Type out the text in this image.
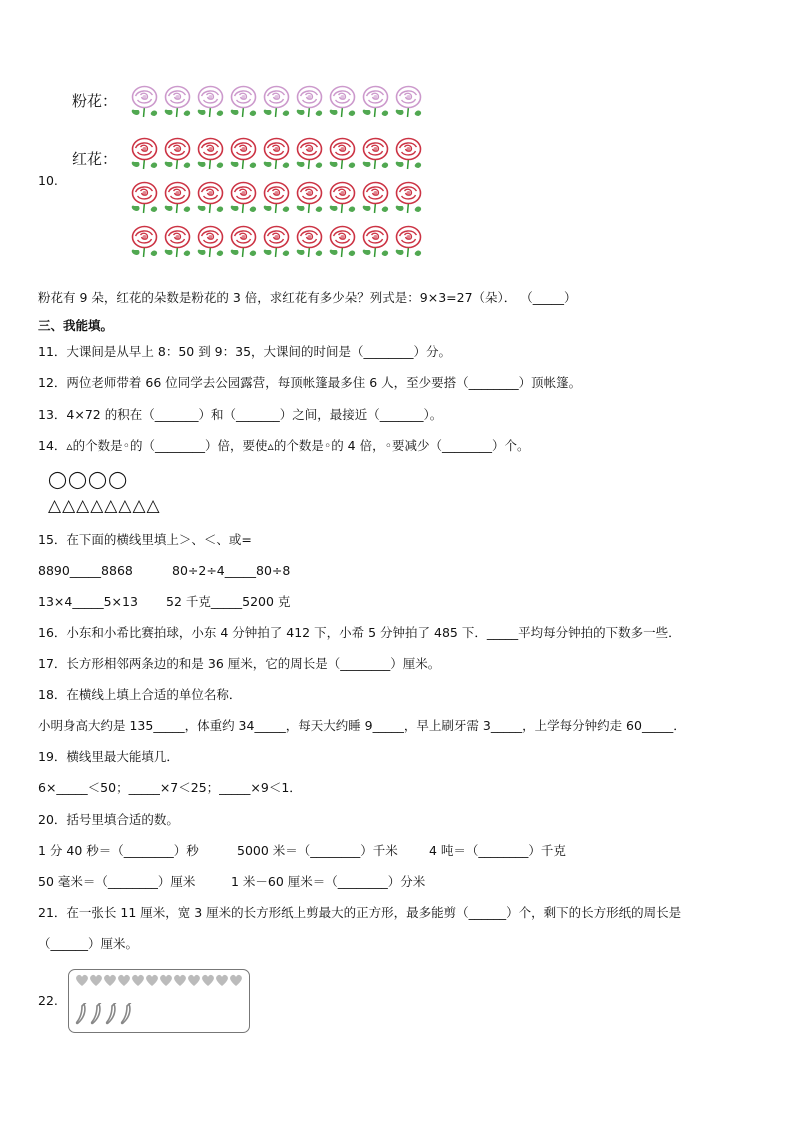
10.
粉花：
红花：
粉花有 9 朵，红花的朵数是粉花的 3 倍，求红花有多少朵？列式是：9×3=27（朵）． （_____）
三、我能填。
11．大课间是从早上 8：50 到 9：35，大课间的时间是（________）分。
12．两位老师带着 66 位同学去公园露营，每顶帐篷最多住 6 人，至少要搭（________）顶帐篷。
13．4×72 的积在（_______）和（_______）之间，最接近（_______）。
14．▵的个数是◦的（________）倍，要使▵的个数是◦的 4 倍，◦要减少（________）个。
◯◯◯◯
△△△△△△△△
15．在下面的横线里填上＞、＜、或=
8890_____8868	80÷2÷4_____80÷8
13×4_____5×13 52 千克_____5200 克
16．小东和小希比赛拍球，小东 4 分钟拍了 412 下，小希 5 分钟拍了 485 下．_____平均每分钟拍的下数多一些．
17．长方形相邻两条边的和是 36 厘米，它的周长是（________）厘米。
18．在横线上填上合适的单位名称．
小明身高大约是 135_____，体重约 34_____，每天大约睡 9_____，早上刷牙需 3_____，上学每分钟约走 60_____．
19．横线里最大能填几．
6×_____＜50；_____×7＜25；_____×9＜1．
20．括号里填合适的数。
1 分 40 秒＝（________）秒	5000 米＝（________）千米 4 吨＝（________）千克
50 毫米＝（________）厘米	1 米－60 厘米＝（________）分米
21．在一张长 11 厘米，宽 3 厘米的长方形纸上剪最大的正方形，最多能剪（______）个，剩下的长方形纸的周长是
（______）厘米。
22.
